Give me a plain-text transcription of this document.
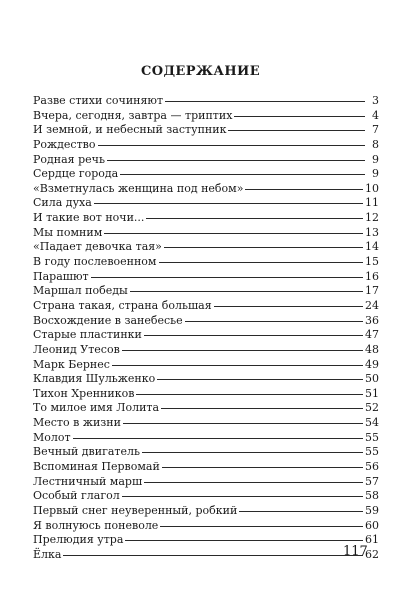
СОДЕРЖАНИЕ
Разве стихи сочиняют	3
Вчера, сегодня, завтра — триптих	4
И земной, и небесный заступник	7
Рождество	8
Родная речь	9
Сердце города	9
«Взметнулась женщина под небом»	10
Сила духа	11
И такие вот ночи...	12
Мы помним	13
«Падает девочка тая»	14
В году послевоенном	15
Парашют	16
Маршал победы	17
Страна такая, страна большая	24
Восхождение в занебесье	36
Старые пластинки	47
Леонид Утесов	48
Марк Бернес	49
Клавдия Шульженко	50
Тихон Хренников	51
То милое имя Лолита	52
Место в жизни	54
Молот	55
Вечный двигатель	55
Вспоминая Первомай	56
Лестничный марш	57
Особый глагол	58
Первый снег неуверенный, робкий	59
Я волнуюсь поневоле	60
Прелюдия утра	61
Ёлка	62
117
